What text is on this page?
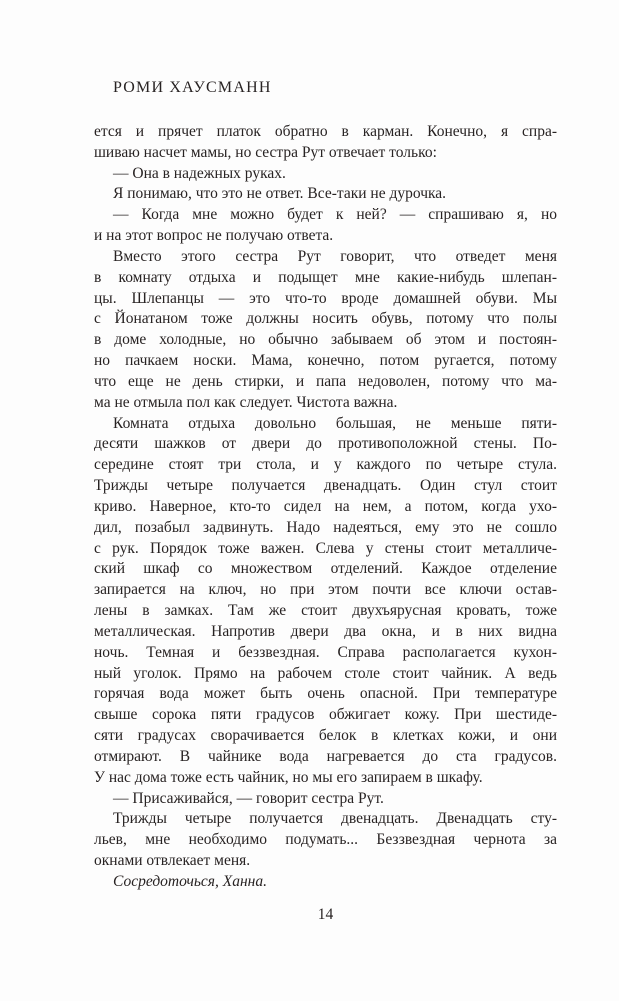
РОМИ ХАУСМАНН
ется и прячет платок обратно в карман. Конечно, я спра-
шиваю насчет мамы, но сестра Рут отвечает только:
— Она в надежных руках.
Я понимаю, что это не ответ. Все-таки не дурочка.
— Когда мне можно будет к ней? — спрашиваю я, но
и на этот вопрос не получаю ответа.
Вместо этого сестра Рут говорит, что отведет меня
в комнату отдыха и подыщет мне какие-нибудь шлепан-
цы. Шлепанцы — это что-то вроде домашней обуви. Мы
с Йонатаном тоже должны носить обувь, потому что полы
в доме холодные, но обычно забываем об этом и постоян-
но пачкаем носки. Мама, конечно, потом ругается, потому
что еще не день стирки, и папа недоволен, потому что ма-
ма не отмыла пол как следует. Чистота важна.
Комната отдыха довольно большая, не меньше пяти-
десяти шажков от двери до противоположной стены. По-
середине стоят три стола, и у каждого по четыре стула.
Трижды четыре получается двенадцать. Один стул стоит
криво. Наверное, кто-то сидел на нем, а потом, когда ухо-
дил, позабыл задвинуть. Надо надеяться, ему это не сошло
с рук. Порядок тоже важен. Слева у стены стоит металличе-
ский шкаф со множеством отделений. Каждое отделение
запирается на ключ, но при этом почти все ключи остав-
лены в замках. Там же стоит двухъярусная кровать, тоже
металлическая. Напротив двери два окна, и в них видна
ночь. Темная и беззвездная. Справа располагается кухон-
ный уголок. Прямо на рабочем столе стоит чайник. А ведь
горячая вода может быть очень опасной. При температуре
свыше сорока пяти градусов обжигает кожу. При шестиде-
сяти градусах сворачивается белок в клетках кожи, и они
отмирают. В чайнике вода нагревается до ста градусов.
У нас дома тоже есть чайник, но мы его запираем в шкафу.
— Присаживайся, — говорит сестра Рут.
Трижды четыре получается двенадцать. Двенадцать сту-
льев, мне необходимо подумать... Беззвездная чернота за
окнами отвлекает меня.
Сосредоточься, Ханна.
14
